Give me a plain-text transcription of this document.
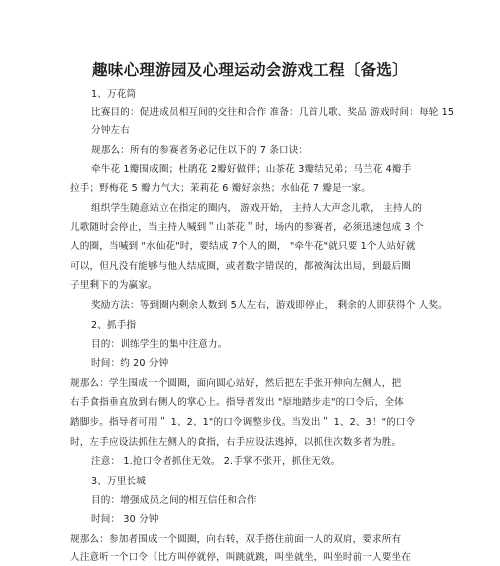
趣味心理游园及心理运动会游戏工程〔备选〕
1、万花筒
比赛目的：促进成员相互间的交往和合作 准备：几首儿歌、奖品 游戏时间：每轮 15
分钟左右
规那么：所有的参赛者务必记住以下的 7 条口诀：
牵牛花 1瓣围成圈；杜鹃花 2瓣好做伴；山茶花 3瓣结兄弟；马兰花 4瓣手
拉手；野梅花 5 瓣力气大；茉莉花 6 瓣好亲热；水仙花 7 瓣是一家。
组织学生随意站立在指定的圈内， 游戏开始， 主持人大声念儿歌， 主持人的
儿歌随时会停止，当主持人喊到＂山茶花＂时，场内的参赛者，必须迅速包成 3 个
人的圈，当喊到 "水仙花"时，要结成 7个人的圈， "牵牛花"就只要 1个人站好就
可以，但凡没有能够与他人结成圈，或者数字错误的，都被淘汰出局，到最后圈
子里剩下的为赢家。
奖励方法：等到圈内剩余人数到 5人左右，游戏即停止， 剩余的人即获得个 人奖。
2、抓手指
目的：训练学生的集中注意力。
时间：约 20 分钟
规那么：学生围成一个圆圈，面向圆心站好，然后把左手张开伸向左侧人，把
右手食指垂直放到右侧人的掌心上。指导者发出 "原地踏步走"的口令后，全体
踏脚步。指导者可用＂ 1、2、1"的口令调整步伐。当发出＂ 1、2、3！"的口令
时，左手应设法抓住左侧人的食指，右手应设法逃掉，以抓住次数多者为胜。
注意： 1.抢口令者抓住无效。 2.手掌不张开，抓住无效。
3、万里长城
目的：增强成员之间的相互信任和合作
时间： 30 分钟
规那么：参加者围成一个圆圈，向右转，双手搭住前面一人的双肩，要求所有
人注意听一个口令〔比方叫停就停，叫跳就跳，叫坐就坐，叫坐时前一人要坐在
